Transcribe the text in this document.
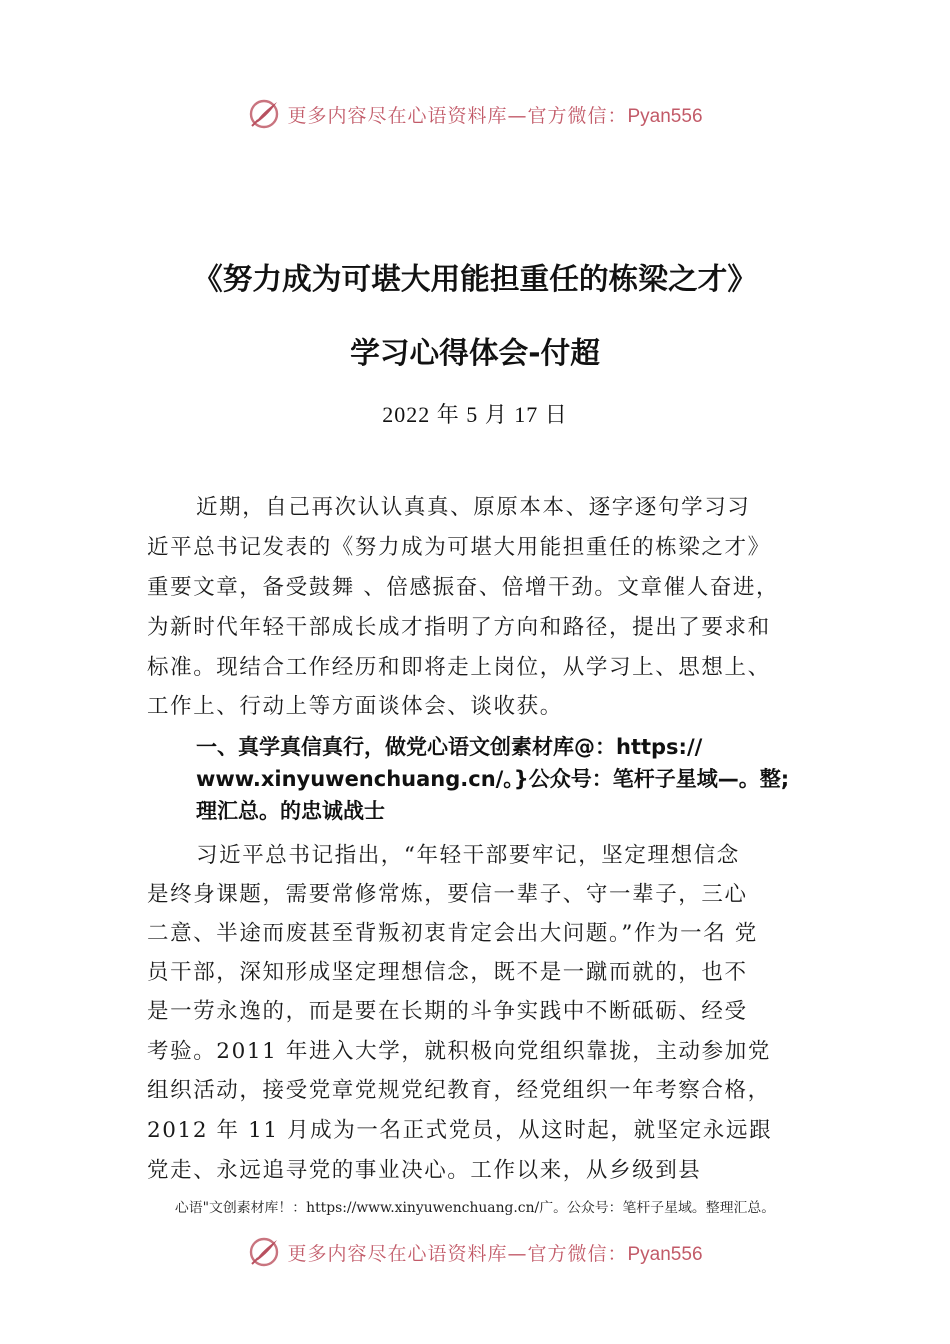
更多内容尽在心语资料库—官方微信：Pyan556
《努力成为可堪大用能担重任的栋梁之才》
学习心得体会-付超
2022 年 5 月 17 日
近期，自己再次认认真真、原原本本、逐字逐句学习习
近平总书记发表的《努力成为可堪大用能担重任的栋梁之才》
重要文章，备受鼓舞 、倍感振奋、倍增干劲。文章催人奋进，
为新时代年轻干部成长成才指明了方向和路径，提出了要求和
标准。现结合工作经历和即将走上岗位，从学习上、思想上、
工作上、行动上等方面谈体会、谈收获。
一、真学真信真行，做党心语文创素材库@：https://
www.xinyuwenchuang.cn/。}公众号：笔杆子星域—。整;
理汇总。的忠诚战士
习近平总书记指出，“年轻干部要牢记，坚定理想信念
是终身课题，需要常修常炼，要信一辈子、守一辈子，三心
二意、半途而废甚至背叛初衷肯定会出大问题。”作为一名 党
员干部，深知形成坚定理想信念，既不是一蹴而就的，也不
是一劳永逸的，而是要在长期的斗争实践中不断砥砺、经受
考验。2011 年进入大学，就积极向党组织靠拢，主动参加党
组织活动，接受党章党规党纪教育，经党组织一年考察合格，
2012 年 11 月成为一名正式党员，从这时起，就坚定永远跟
党走、永远追寻党的事业决心。工作以来，从乡级到县
心语"文创素材库！：https://www.xinyuwenchuang.cn/广。公众号：笔杆子星域。整理汇总。
更多内容尽在心语资料库—官方微信：Pyan556
